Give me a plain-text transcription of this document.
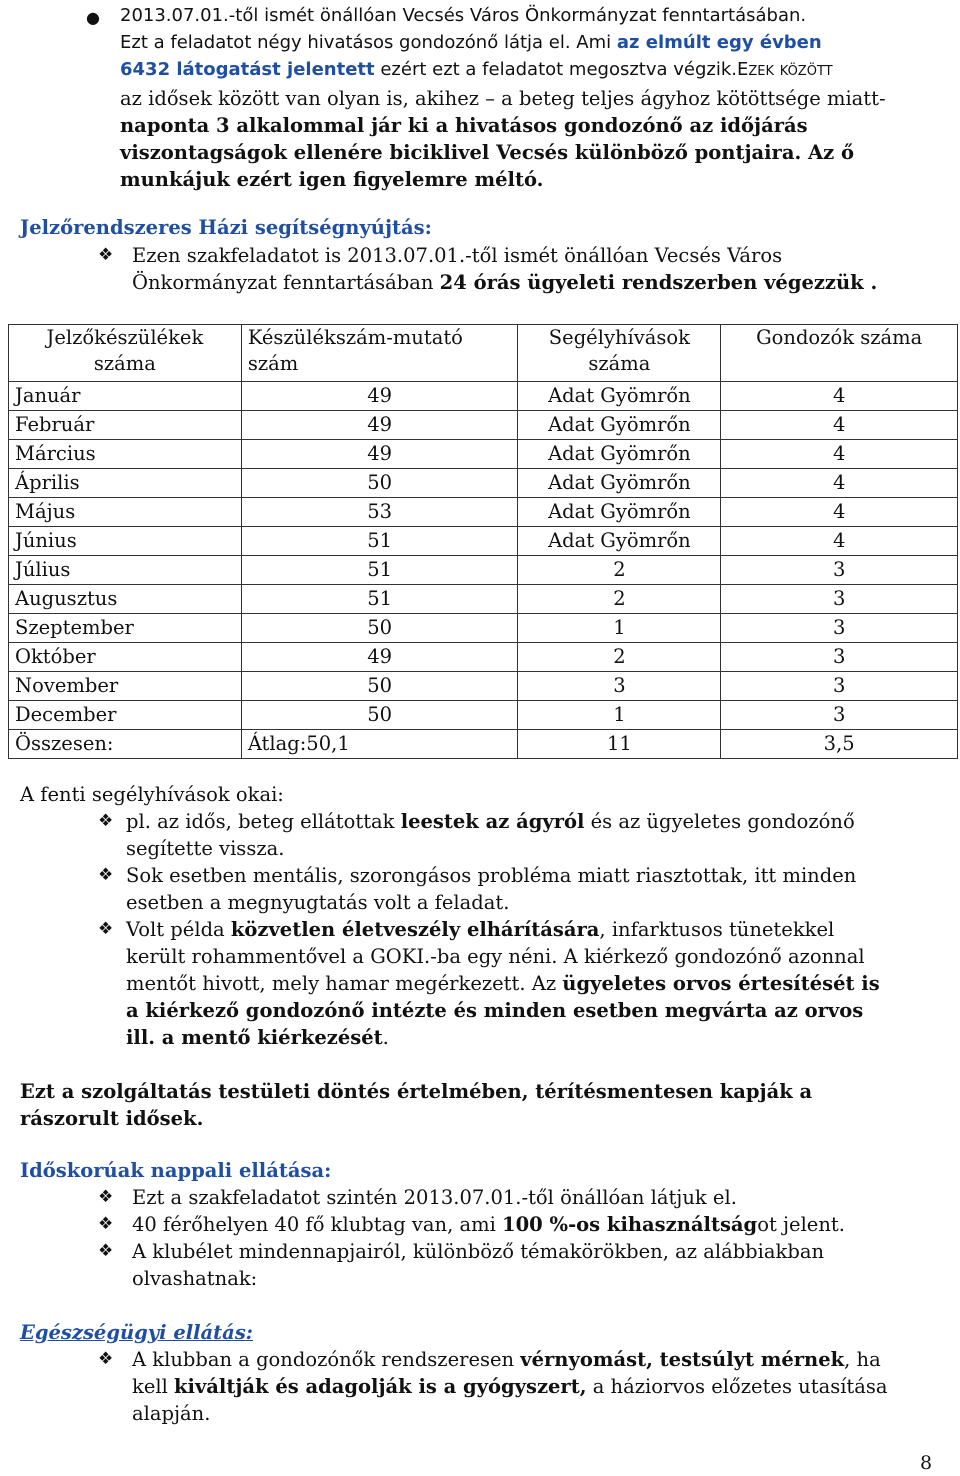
● 2013.07.01.-től ismét önállóan Vecsés Város Önkormányzat fenntartásában.
Ezt a feladatot négy hivatásos gondozónő látja el. Ami az elmúlt egy évben
6432 látogatást jelentett ezért ezt a feladatot megosztva végzik.Ezek között
az idősek között van olyan is, akihez – a beteg teljes ágyhoz kötöttsége miatt-
naponta 3 alkalommal jár ki a hivatásos gondozónő az időjárás
viszontagságok ellenére biciklivel Vecsés különböző pontjaira. Az ő
munkájuk ezért igen figyelemre méltó.
Jelzőrendszeres Házi segítségnyújtás:
❖ Ezen szakfeladatot is 2013.07.01.-től ismét önállóan Vecsés Város
Önkormányzat fenntartásában 24 órás ügyeleti rendszerben végezzük .
Jelzőkészülékek száma	Készülékszám-mutató szám	Segélyhívások száma	Gondozók száma
Január	49	Adat Gyömrőn	4
Február	49	Adat Gyömrőn	4
Március	49	Adat Gyömrőn	4
Április	50	Adat Gyömrőn	4
Május	53	Adat Gyömrőn	4
Június	51	Adat Gyömrőn	4
Július	51	2	3
Augusztus	51	2	3
Szeptember	50	1	3
Október	49	2	3
November	50	3	3
December	50	1	3
Összesen:	Átlag:50,1	11	3,5
A fenti segélyhívások okai:
❖ pl. az idős, beteg ellátottak leestek az ágyról és az ügyeletes gondozónő
segítette vissza.
❖ Sok esetben mentális, szorongásos probléma miatt riasztottak, itt minden
esetben a megnyugtatás volt a feladat.
❖ Volt példa közvetlen életveszély elhárítására, infarktusos tünetekkel
került rohammentővel a GOKI.-ba egy néni. A kiérkező gondozónő azonnal
mentőt hivott, mely hamar megérkezett. Az ügyeletes orvos értesítését is
a kiérkező gondozónő intézte és minden esetben megvárta az orvos
ill. a mentő kiérkezését.
Ezt a szolgáltatás testületi döntés értelmében, térítésmentesen kapják a
rászorult idősek.
Időskorúak nappali ellátása:
❖ Ezt a szakfeladatot szintén 2013.07.01.-től önállóan látjuk el.
❖ 40 férőhelyen 40 fő klubtag van, ami 100 %-os kihasználtságot jelent.
❖ A klubélet mindennapjairól, különböző témakörökben, az alábbiakban
olvashatnak:
Egészségügyi ellátás:
❖ A klubban a gondozónők rendszeresen vérnyomást, testsúlyt mérnek, ha
kell kiváltják és adagolják is a gyógyszert, a háziorvos előzetes utasítása
alapján.
8
